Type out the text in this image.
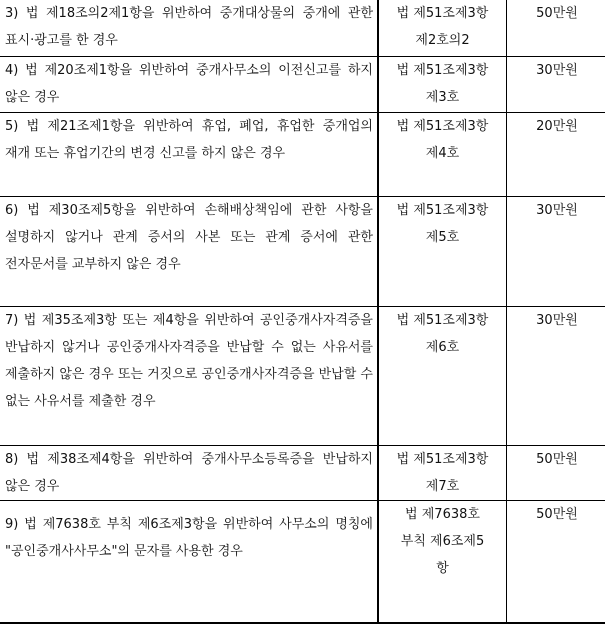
3) 법 제18조의2제1항을 위반하여 중개대상물의 중개에 관한 표시·광고를 한 경우	법 제51조제3항
제2호의2	50만원

4) 법 제20조제1항을 위반하여 중개사무소의 이전신고를 하지 않은 경우	법 제51조제3항
제3호	30만원

5) 법 제21조제1항을 위반하여 휴업, 폐업, 휴업한 중개업의 재개 또는 휴업기간의 변경 신고를 하지 않은 경우	법 제51조제3항
제4호	20만원

6) 법 제30조제5항을 위반하여 손해배상책임에 관한 사항을 설명하지 않거나 관계 증서의 사본 또는 관계 증서에 관한 전자문서를 교부하지 않은 경우	법 제51조제3항
제5호	30만원

7) 법 제35조제3항 또는 제4항을 위반하여 공인중개사자격증을 반납하지 않거나 공인중개사자격증을 반납할 수 없는 사유서를 제출하지 않은 경우 또는 거짓으로 공인중개사자격증을 반납할 수 없는 사유서를 제출한 경우	법 제51조제3항
제6호	30만원

8) 법 제38조제4항을 위반하여 중개사무소등록증을 반납하지 않은 경우	법 제51조제3항
제7호	50만원

9) 법 제7638호 부칙 제6조제3항을 위반하여 사무소의 명칭에 "공인중개사사무소"의 문자를 사용한 경우	법 제7638호
부칙 제6조제5
항	50만원
